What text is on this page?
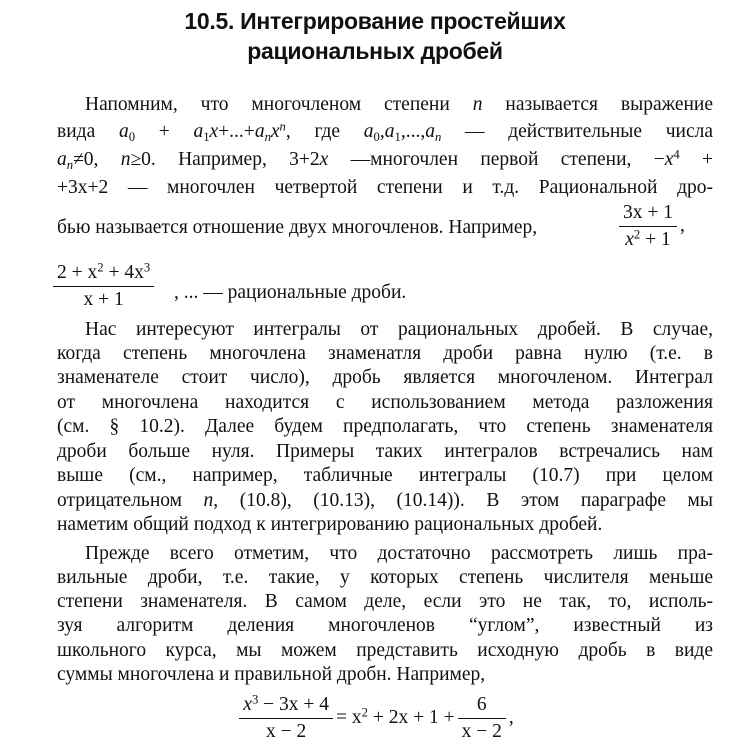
10.5. Интегрирование простейших
рациональных дробей
Напомним, что многочленом степени n называется выражение
вида $a_0 + a_1x+...+a_nx^n$, где $a_0,a_1,...,a_n$ — действительные числа
$a_n\ne 0$, n≥0. Например, 3+2x —многочлен первой степени, $-x^4$ +
+3x+2 — многочлен четвертой степени и т.д. Рациональной дро-
бью называется отношение двух многочленов. Например,	$\frac{3x + 1}{x^2 + 1}$ ,
$\frac{2 + x^2 + 4x^3}{x + 1}$ , ... — рациональные дроби.
Нас интересуют интегралы от рациональных дробей. В случае,
когда степень многочлена знаменатля дроби равна нулю (т.е. в
знаменателе стоит число), дробь является многочленом. Интеграл
от многочлена находится с использованием метода разложения
(см. § 10.2). Далее будем предполагать, что степень знаменателя
дроби больше нуля. Примеры таких интегралов встречались нам
выше (см., например, табличные интегралы (10.7) при целом
отрицательном n, (10.8), (10.13), (10.14)). В этом параграфе мы
наметим общий подход к интегрированию рациональных дробей.
Прежде всего отметим, что достаточно рассмотреть лишь пра-
вильные дроби, т.е. такие, у которых степень числителя меньше
степени знаменателя. В самом деле, если это не так, то, исполь-
зуя алгоритм деления многочленов “углом”, известный из
школьного курса, мы можем представить исходную дробь в виде
суммы многочлена и правильной дробн. Например,
$\frac{x^3 - 3x + 4}{x - 2} = x^2 + 2x + 1 + \frac{6}{x - 2}$ ,
